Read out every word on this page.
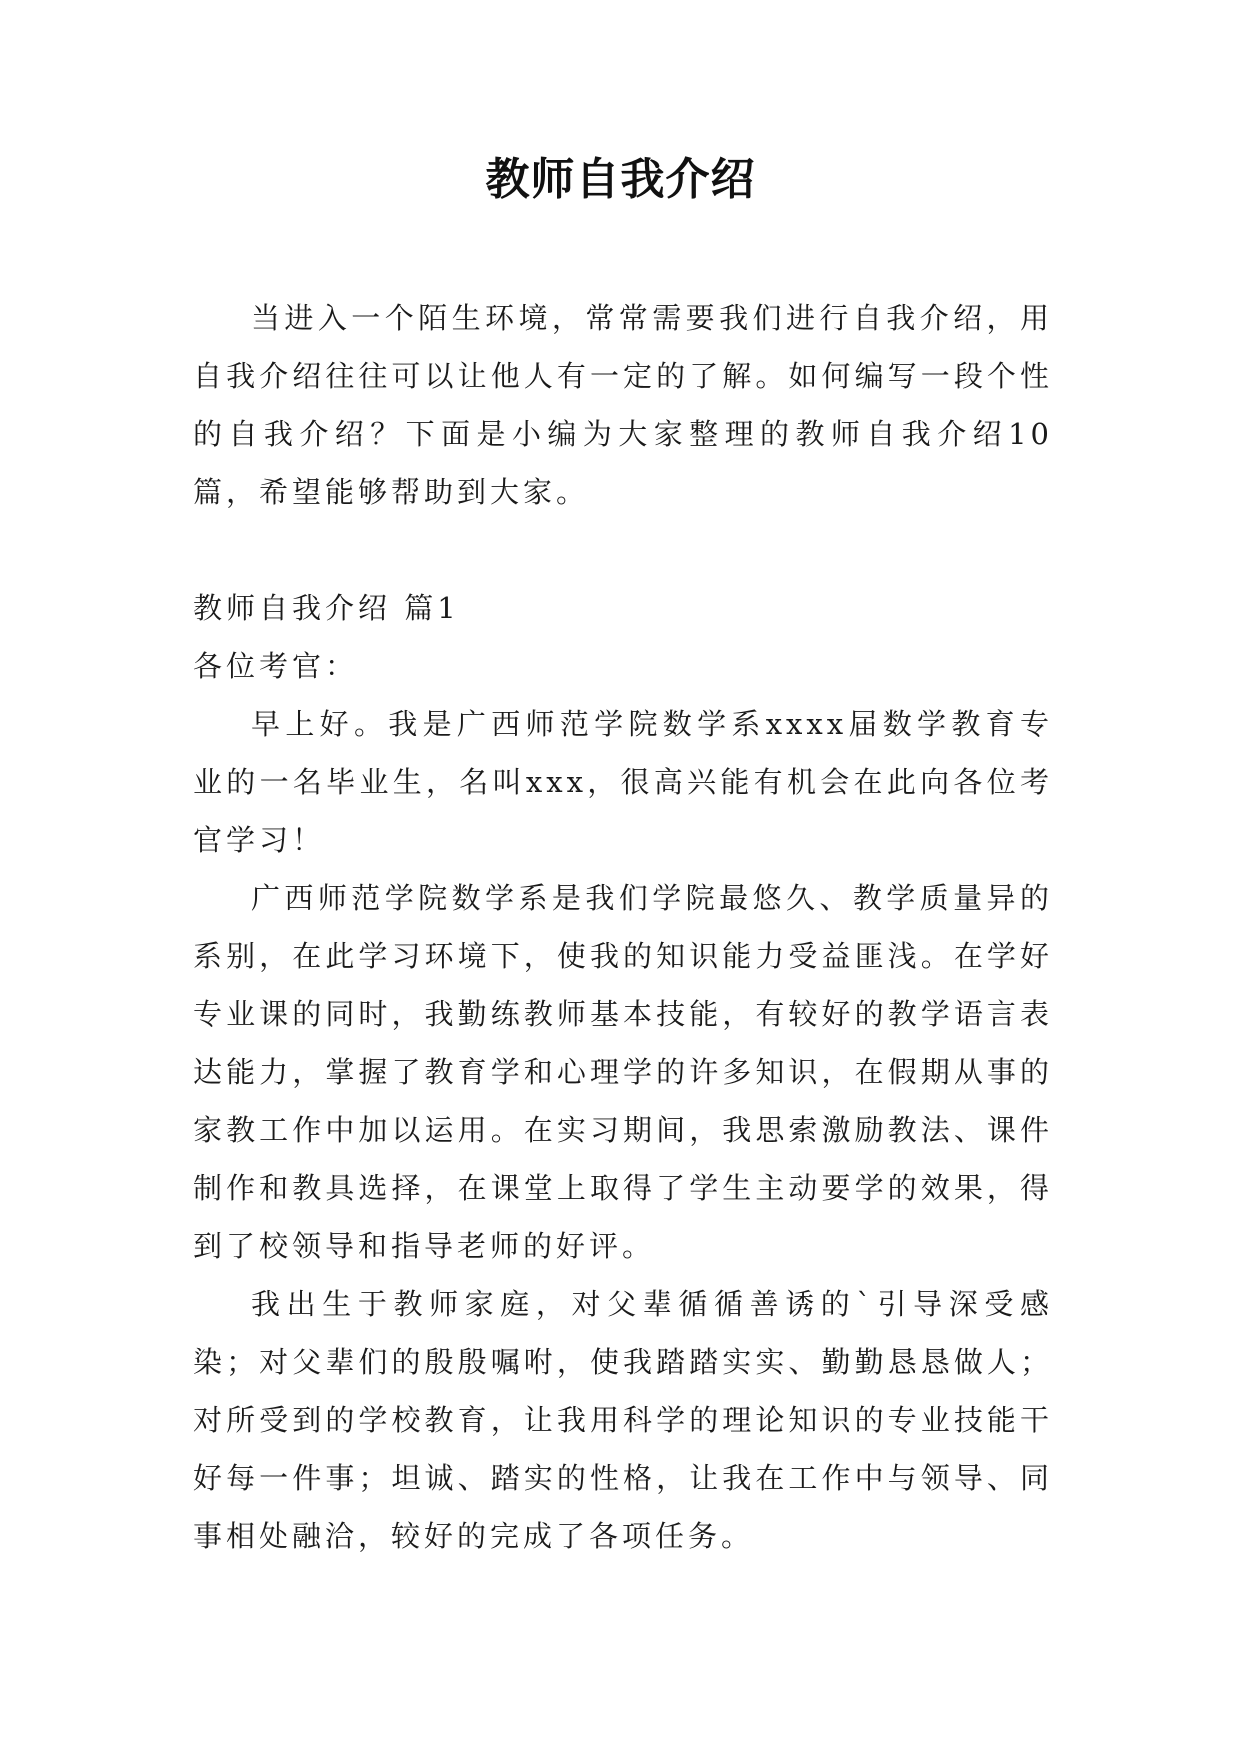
教师自我介绍

当进入一个陌生环境，常常需要我们进行自我介绍，用自我介绍往往可以让他人有一定的了解。如何编写一段个性的自我介绍？下面是小编为大家整理的教师自我介绍10篇，希望能够帮助到大家。

教师自我介绍 篇1

各位考官：

早上好。我是广西师范学院数学系xxxx届数学教育专业的一名毕业生，名叫xxx，很高兴能有机会在此向各位考官学习！

广西师范学院数学系是我们学院最悠久、教学质量异的系别，在此学习环境下，使我的知识能力受益匪浅。在学好专业课的同时，我勤练教师基本技能，有较好的教学语言表达能力，掌握了教育学和心理学的许多知识，在假期从事的家教工作中加以运用。在实习期间，我思索激励教法、课件制作和教具选择，在课堂上取得了学生主动要学的效果，得到了校领导和指导老师的好评。

我出生于教师家庭，对父辈循循善诱的`引导深受感染；对父辈们的殷殷嘱咐，使我踏踏实实、勤勤恳恳做人；对所受到的学校教育，让我用科学的理论知识的专业技能干好每一件事；坦诚、踏实的性格，让我在工作中与领导、同事相处融洽，较好的完成了各项任务。
